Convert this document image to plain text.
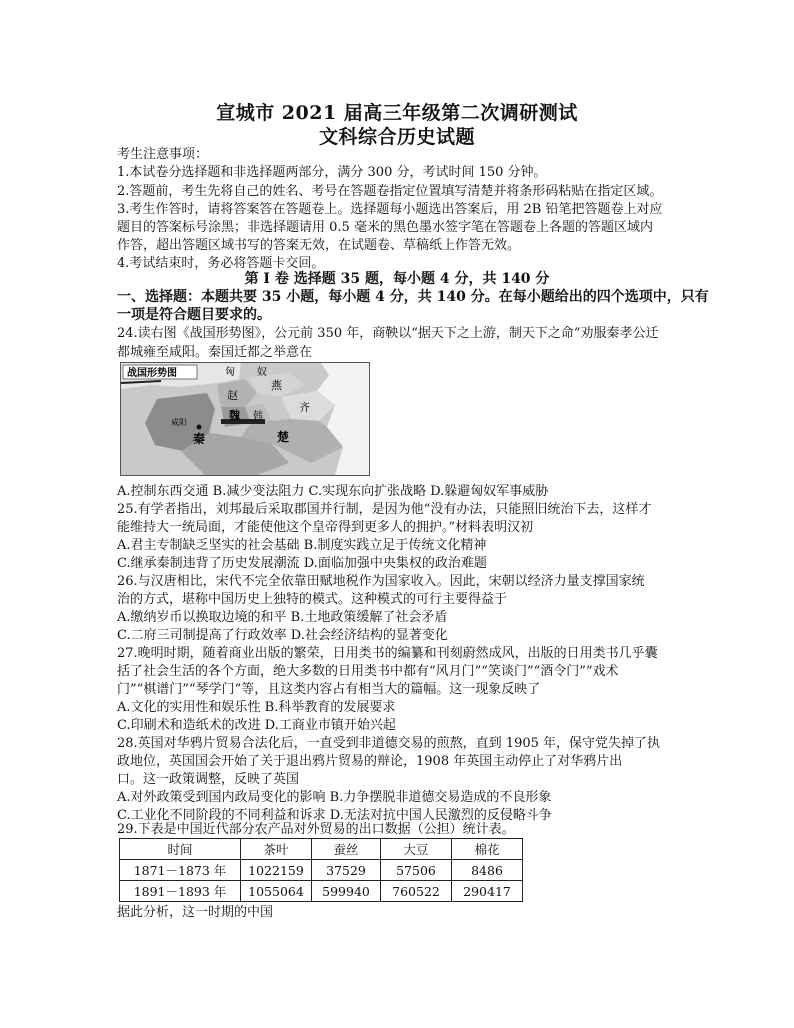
宣城市 2021 届高三年级第二次调研测试
文科综合历史试题
考生注意事项：
1.本试卷分选择题和非选择题两部分，满分 300 分，考试时间 150 分钟。
2.答题前，考生先将自己的姓名、考号在答题卷指定位置填写清楚并将条形码粘贴在指定区域。
3.考生作答时，请将答案答在答题卷上。选择题每小题选出答案后，用 2B 铅笔把答题卷上对应
题目的答案标号涂黑；非选择题请用 0.5 毫米的黑色墨水签字笔在答题卷上各题的答题区域内
作答，超出答题区域书写的答案无效，在试题卷、草稿纸上作答无效。
4.考试结束时，务必将答题卡交回。
第 I 卷 选择题 35 题，每小题 4 分，共 140 分
一、选择题：本题共要 35 小题，每小题 4 分，共 140 分。在每小题给出的四个选项中，只有
一项是符合题目要求的。
24.读右图《战国形势图》，公元前 350 年，商鞅以“据天下之上游，制天下之命”劝服秦孝公迁
都城雍至咸阳。秦国迁都之举意在
战国形势图	匈 奴
燕
齐
赵
魏 韩
秦	楚
咸阳
A.控制东西交通 B.减少变法阻力 C.实现东向扩张战略 D.躲避匈奴军事威胁
25.有学者指出，刘邦最后采取郡国并行制，是因为他“没有办法，只能照旧统治下去，这样才
能维持大一统局面，才能使他这个皇帝得到更多人的拥护。”材料表明汉初
A.君主专制缺乏坚实的社会基础 B.制度实践立足于传统文化精神
C.继承秦制违背了历史发展潮流 D.面临加强中央集权的政治难题
26.与汉唐相比，宋代不完全依靠田赋地税作为国家收入。因此，宋朝以经济力量支撑国家统
治的方式，堪称中国历史上独特的模式。这种模式的可行主要得益于
A.缴纳岁币以换取边境的和平 B.土地政策缓解了社会矛盾
C.二府三司制提高了行政效率 D.社会经济结构的显著变化
27.晚明时期，随着商业出版的繁荣，日用类书的编纂和刊刻蔚然成风，出版的日用类书几乎囊
括了社会生活的各个方面，绝大多数的日用类书中都有“风月门”“笑谈门”“酒令门”“戏术
门”“棋谱门”“琴学门”等，且这类内容占有相当大的篇幅。这一现象反映了
A.文化的实用性和娱乐性 B.科举教育的发展要求
C.印刷术和造纸术的改进 D.工商业市镇开始兴起
28.英国对华鸦片贸易合法化后，一直受到非道德交易的煎熬，直到 1905 年，保守党失掉了执
政地位，英国国会开始了关于退出鸦片贸易的辩论，1908 年英国主动停止了对华鸦片出
口。这一政策调整，反映了英国
A.对外政策受到国内政局变化的影响 B.力争摆脱非道德交易造成的不良形象
C.工业化不同阶段的不同利益和诉求 D.无法对抗中国人民激烈的反侵略斗争
29.下表是中国近代部分农产品对外贸易的出口数据（公担）统计表。
时间	茶叶	蚕丝	大豆	棉花
1871－1873 年	1022159	37529	57506	8486
1891－1893 年	1055064	599940	760522	290417
据此分析，这一时期的中国
